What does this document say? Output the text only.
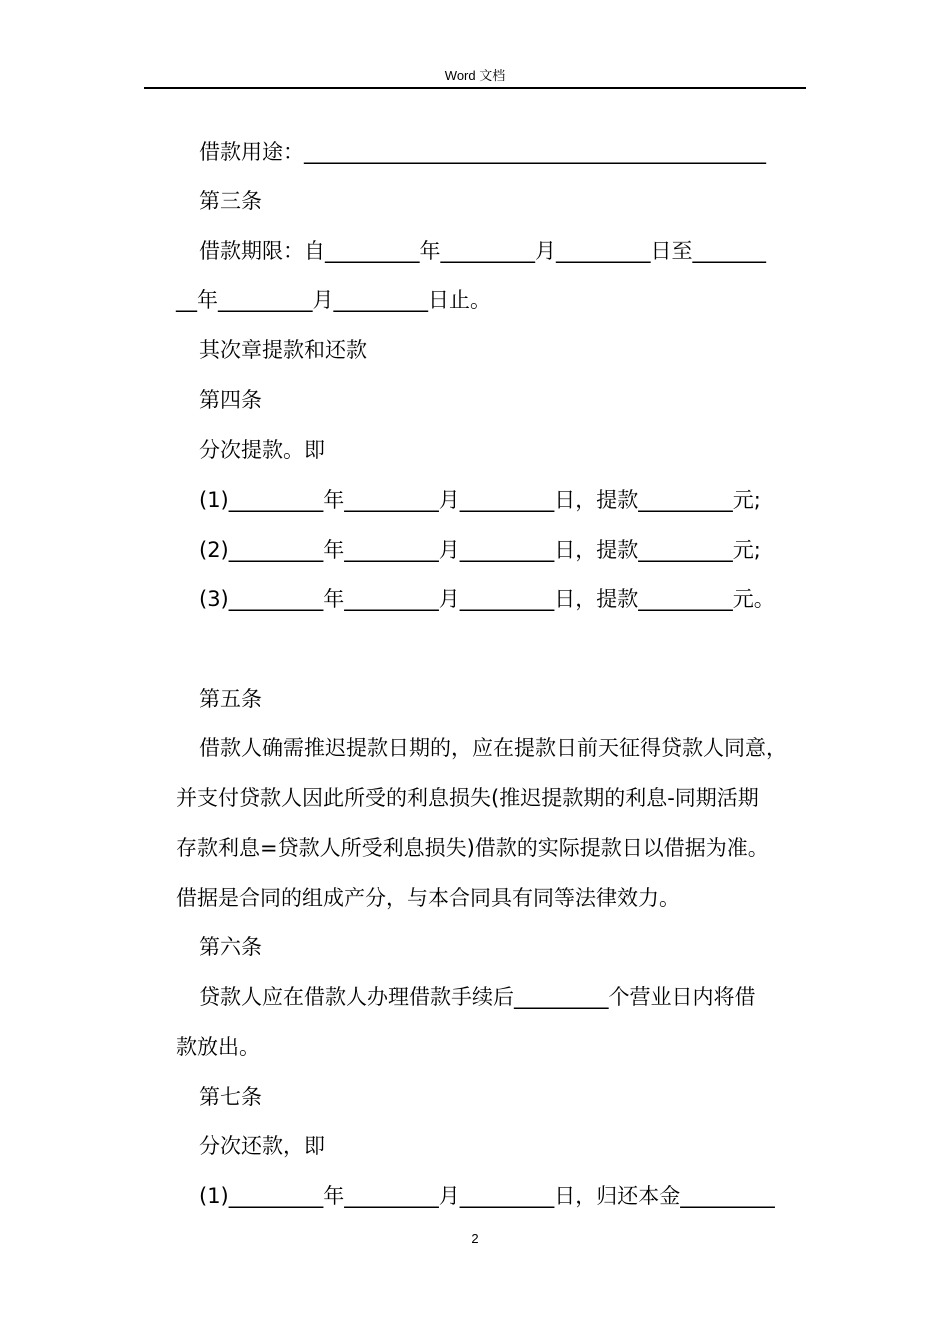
Word 文档
借款用途：____________________________________________
第三条
借款期限：自_________年_________月_________日至_______
__年_________月_________日止。
其次章提款和还款
第四条
分次提款。即
(1)_________年_________月_________日，提款_________元;
(2)_________年_________月_________日，提款_________元;
(3)_________年_________月_________日，提款_________元。
第五条
借款人确需推迟提款日期的，应在提款日前天征得贷款人同意，
并支付贷款人因此所受的利息损失(推迟提款期的利息-同期活期
存款利息=贷款人所受利息损失)借款的实际提款日以借据为准。
借据是合同的组成产分，与本合同具有同等法律效力。
第六条
贷款人应在借款人办理借款手续后_________个营业日内将借
款放出。
第七条
分次还款，即
(1)_________年_________月_________日，归还本金_________
2
